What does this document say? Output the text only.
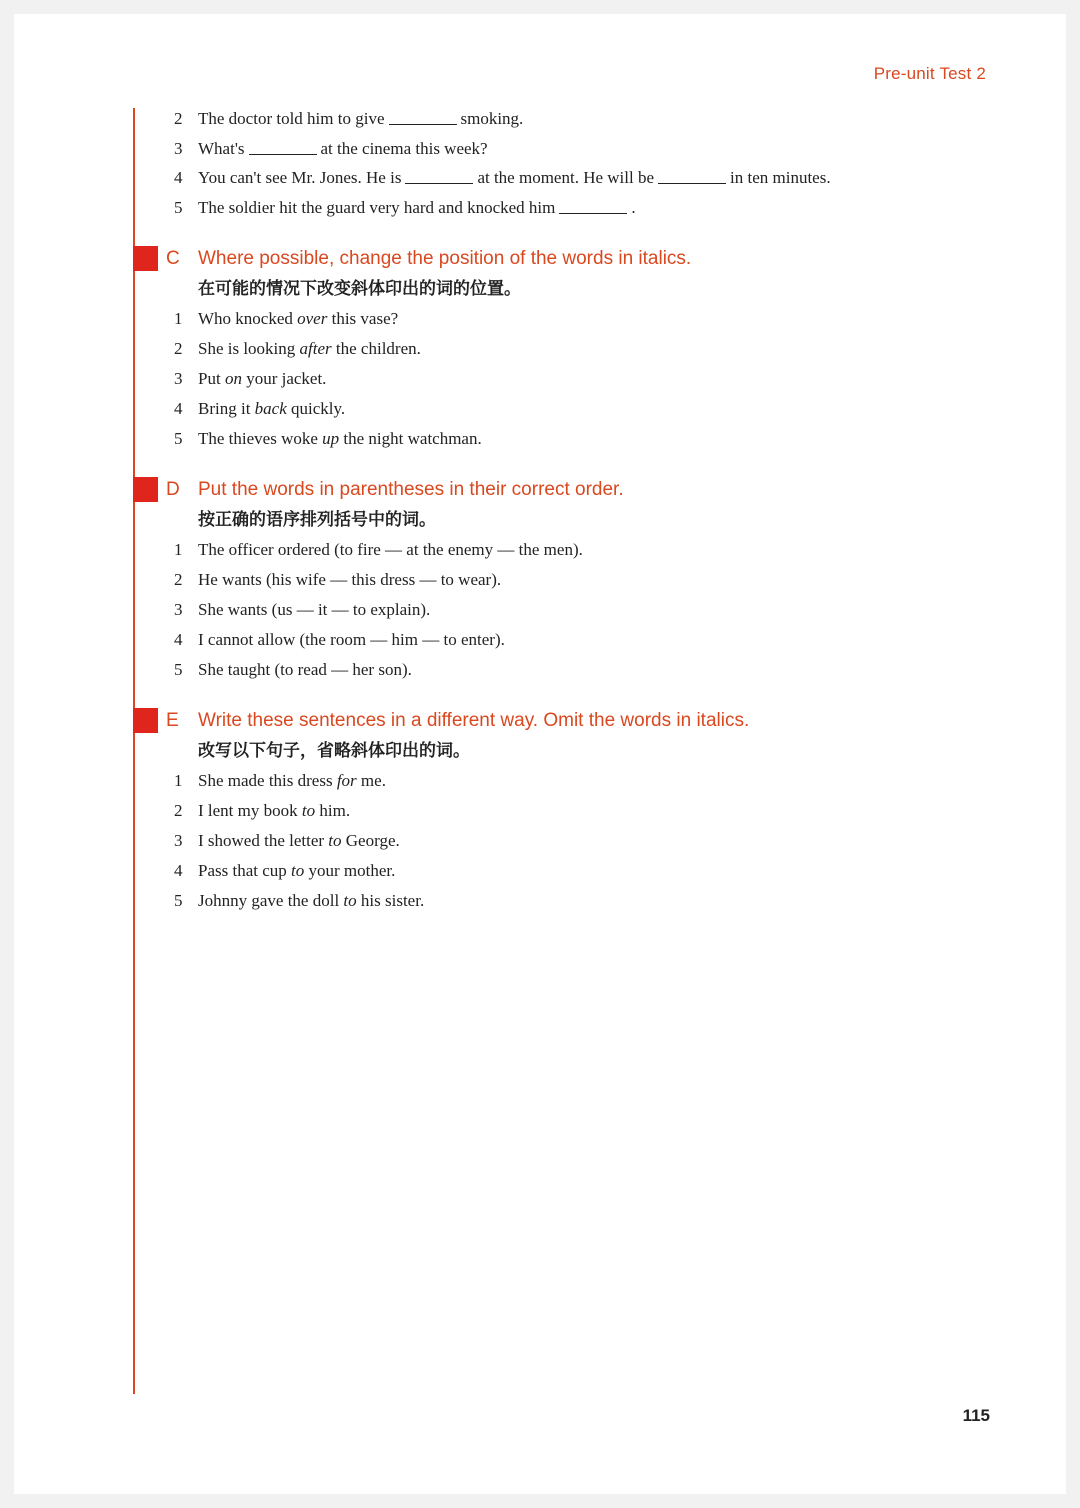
Pre-unit Test 2
2 The doctor told him to give	smoking.
3 What's	at the cinema this week?
4 You can't see Mr. Jones. He is	at the moment. He will be	in ten minutes.
5 The soldier hit the guard very hard and knocked him	.
C Where possible, change the position of the words in italics.
在可能的情况下改变斜体印出的词的位置。
1 Who knocked over this vase?
2 She is looking after the children.
3 Put on your jacket.
4 Bring it back quickly.
5 The thieves woke up the night watchman.
D Put the words in parentheses in their correct order.
按正确的语序排列括号中的词。
1 The officer ordered (to fire — at the enemy — the men).
2 He wants (his wife — this dress — to wear).
3 She wants (us — it — to explain).
4 I cannot allow (the room — him — to enter).
5 She taught (to read — her son).
E Write these sentences in a different way. Omit the words in italics.
改写以下句子，省略斜体印出的词。
1 She made this dress for me.
2 I lent my book to him.
3 I showed the letter to George.
4 Pass that cup to your mother.
5 Johnny gave the doll to his sister.
115
